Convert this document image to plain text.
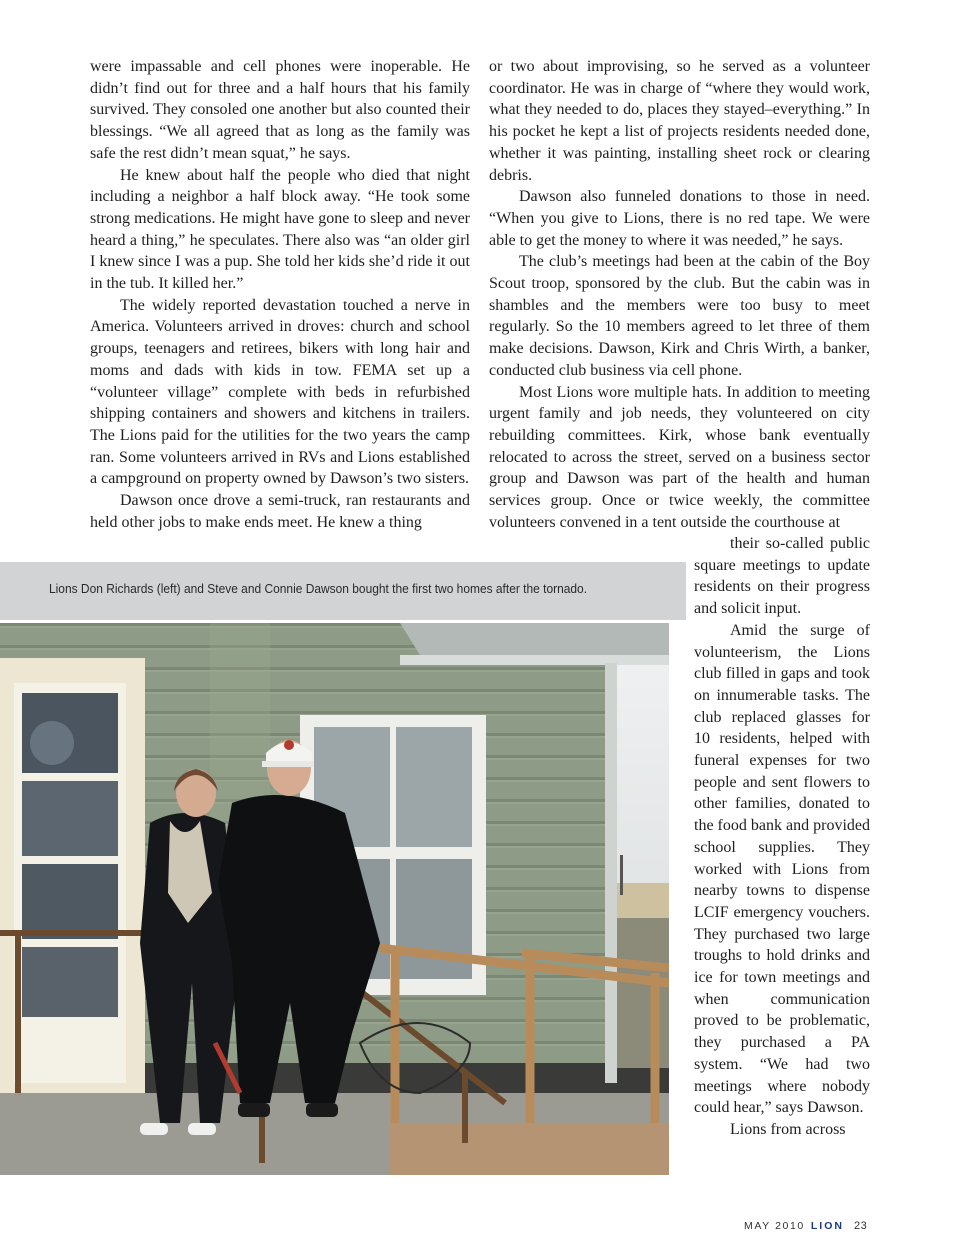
were impassable and cell phones were inoperable. He didn’t find out for three and a half hours that his family survived. They consoled one another but also counted their blessings. “We all agreed that as long as the family was safe the rest didn’t mean squat,” he says.

He knew about half the people who died that night including a neighbor a half block away. “He took some strong medications. He might have gone to sleep and never heard a thing,” he speculates. There also was “an older girl I knew since I was a pup. She told her kids she’d ride it out in the tub. It killed her.”

The widely reported devastation touched a nerve in America. Volunteers arrived in droves: church and school groups, teenagers and retirees, bikers with long hair and moms and dads with kids in tow. FEMA set up a “volunteer village” complete with beds in refurbished shipping containers and showers and kitchens in trailers. The Lions paid for the utilities for the two years the camp ran. Some volunteers arrived in RVs and Lions established a campground on property owned by Dawson’s two sisters.

Dawson once drove a semi-truck, ran restaurants and held other jobs to make ends meet. He knew a thing

or two about improvising, so he served as a volunteer coordinator. He was in charge of “where they would work, what they needed to do, places they stayed–everything.” In his pocket he kept a list of projects residents needed done, whether it was painting, installing sheet rock or clearing debris.

Dawson also funneled donations to those in need. “When you give to Lions, there is no red tape. We were able to get the money to where it was needed,” he says.

The club’s meetings had been at the cabin of the Boy Scout troop, sponsored by the club. But the cabin was in shambles and the members were too busy to meet regularly. So the 10 members agreed to let three of them make decisions. Dawson, Kirk and Chris Wirth, a banker, conducted club business via cell phone.

Most Lions wore multiple hats. In addition to meeting urgent family and job needs, they volunteered on city rebuilding committees. Kirk, whose bank eventually relocated to across the street, served on a business sector group and Dawson was part of the health and human services group. Once or twice weekly, the committee volunteers convened in a tent outside the courthouse at

their so-called public square meetings to update residents on their progress and solicit input.

Amid the surge of volunteerism, the Lions club filled in gaps and took on innumerable tasks. The club replaced glasses for 10 residents, helped with funeral expenses for two people and sent flowers to other families, donated to the food bank and provided school supplies. They worked with Lions from nearby towns to dispense LCIF emergency vouchers. They purchased two large troughs to hold drinks and ice for town meetings and when communication proved to be problematic, they purchased a PA system. “We had two meetings where nobody could hear,” says Dawson.

Lions from across

Lions Don Richards (left) and Steve and Connie Dawson bought the first two homes after the tornado.
MAY 2010 LION 23
